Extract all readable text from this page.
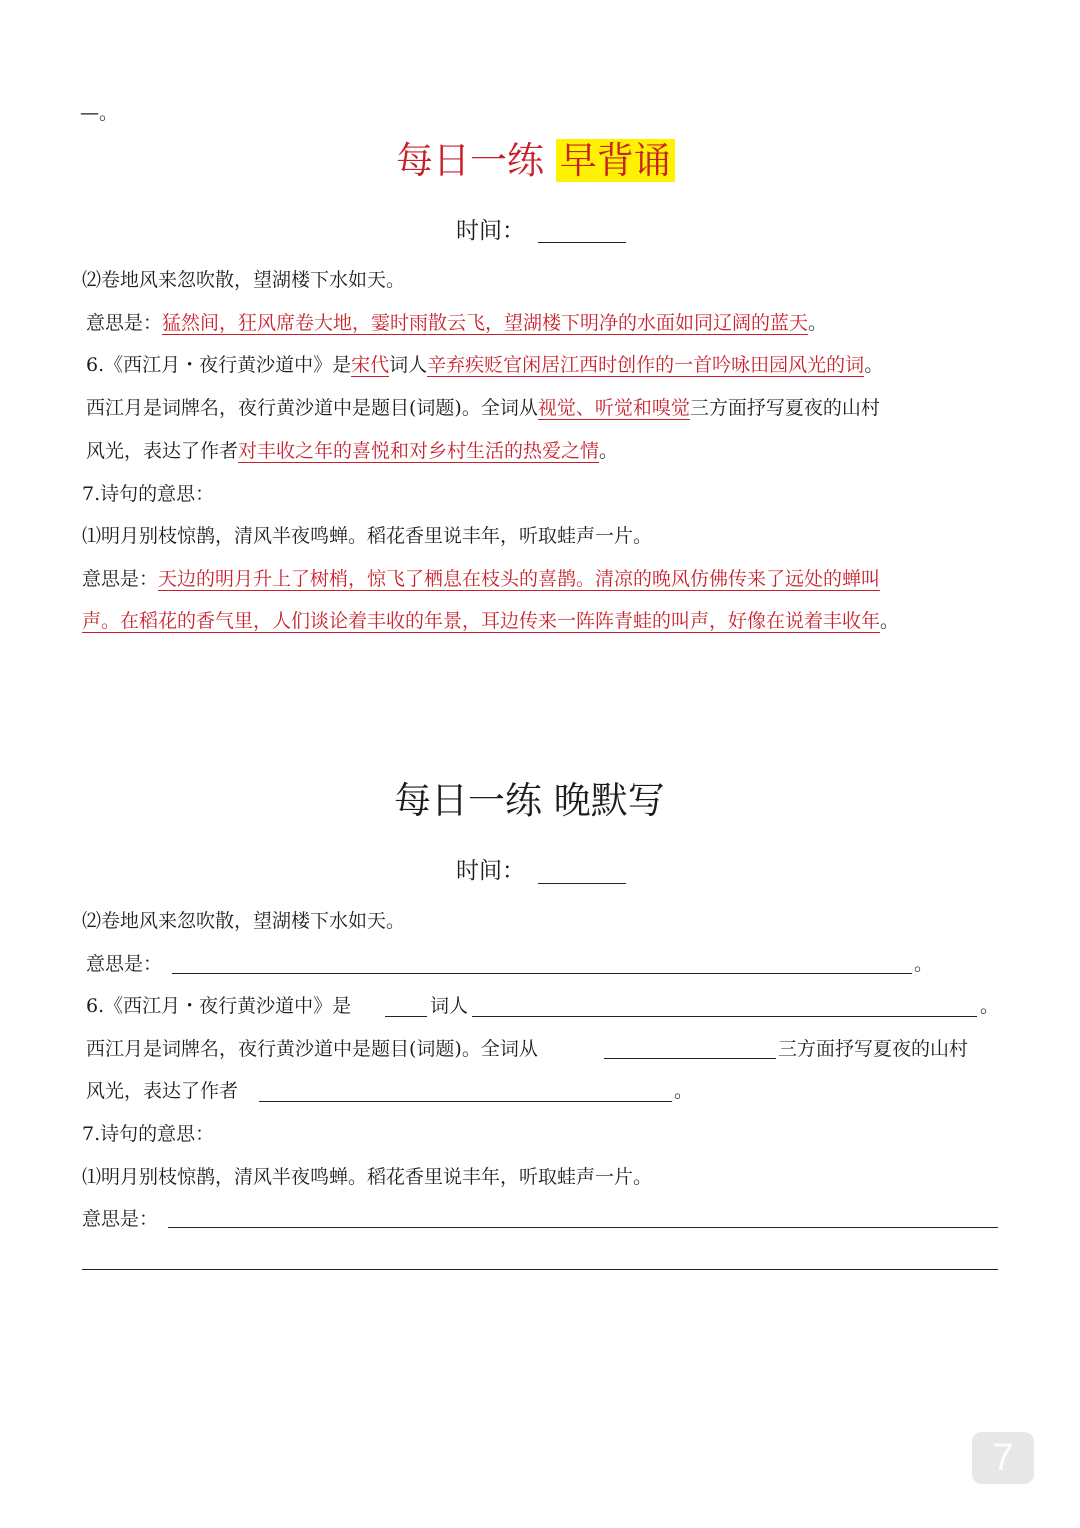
—。
每日一练 早背诵
时间：
⑵卷地风来忽吹散，望湖楼下水如天。
意思是：猛然间，狂风席卷大地，霎时雨散云飞，望湖楼下明净的水面如同辽阔的蓝天。
6.《西江月・夜行黄沙道中》是宋代词人辛弃疾贬官闲居江西时创作的一首吟咏田园风光的词。
西江月是词牌名，夜行黄沙道中是题目(词题)。全词从视觉、听觉和嗅觉三方面抒写夏夜的山村
风光，表达了作者对丰收之年的喜悦和对乡村生活的热爱之情。
7.诗句的意思：
⑴明月别枝惊鹊，清风半夜鸣蝉。稻花香里说丰年，听取蛙声一片。
意思是：天边的明月升上了树梢，惊飞了栖息在枝头的喜鹊。清凉的晚风仿佛传来了远处的蝉叫
声。在稻花的香气里，人们谈论着丰收的年景，耳边传来一阵阵青蛙的叫声，好像在说着丰收年。
每日一练 晚默写
时间：
⑵卷地风来忽吹散，望湖楼下水如天。
意思是：	。
6.《西江月・夜行黄沙道中》是	词人	。
西江月是词牌名，夜行黄沙道中是题目(词题)。全词从	三方面抒写夏夜的山村
风光，表达了作者	。
7.诗句的意思：
⑴明月别枝惊鹊，清风半夜鸣蝉。稻花香里说丰年，听取蛙声一片。
意思是：
7
